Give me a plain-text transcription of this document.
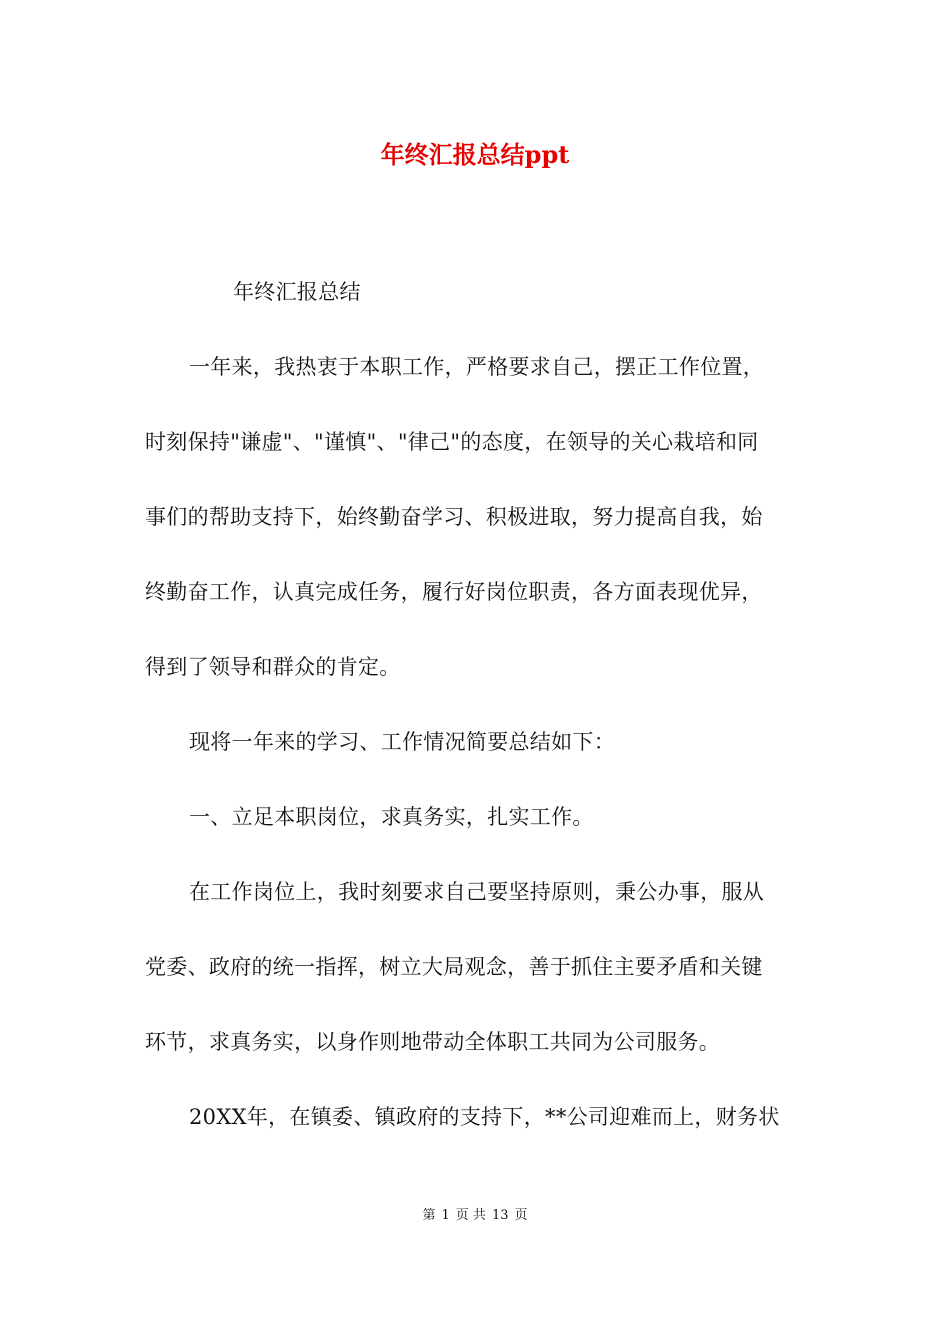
年终汇报总结ppt
年终汇报总结
一年来，我热衷于本职工作，严格要求自己，摆正工作位置，
时刻保持"谦虚"、"谨慎"、"律己"的态度，在领导的关心栽培和同
事们的帮助支持下，始终勤奋学习、积极进取，努力提高自我，始
终勤奋工作，认真完成任务，履行好岗位职责，各方面表现优异，
得到了领导和群众的肯定。
现将一年来的学习、工作情况简要总结如下：
一、立足本职岗位，求真务实，扎实工作。
在工作岗位上，我时刻要求自己要坚持原则，秉公办事，服从
党委、政府的统一指挥，树立大局观念，善于抓住主要矛盾和关键
环节，求真务实，以身作则地带动全体职工共同为公司服务。
20XX年，在镇委、镇政府的支持下，**公司迎难而上，财务状
第 1 页 共 13 页
